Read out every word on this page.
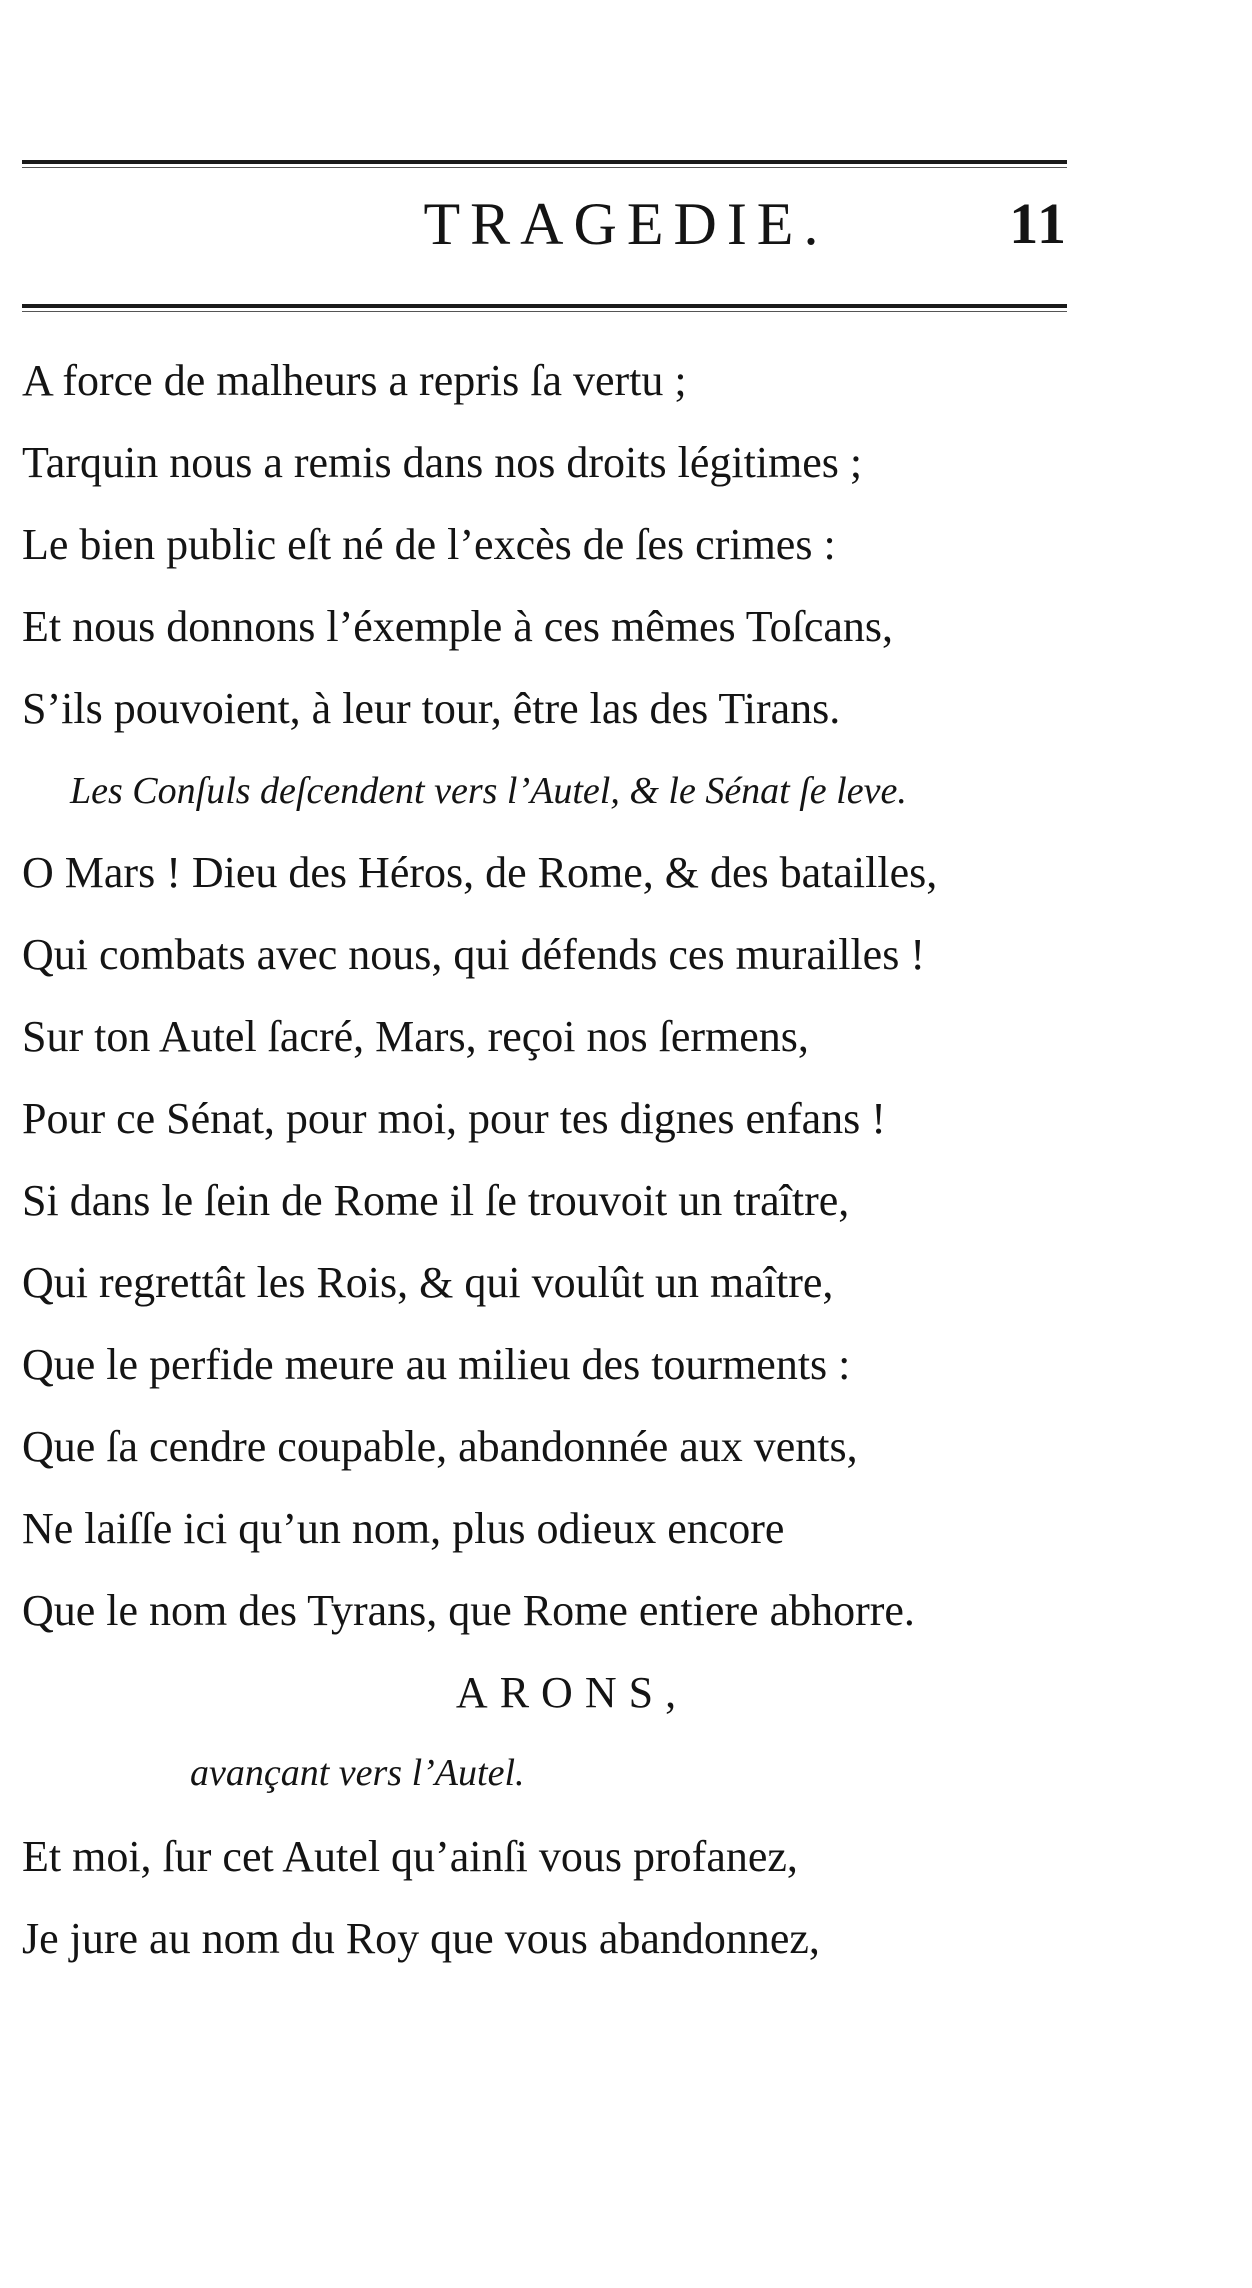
TRAGEDIE.	11
A force de malheurs a repris ſa vertu ;
Tarquin nous a remis dans nos droits légitimes ;
Le bien public eſt né de l’excès de ſes crimes :
Et nous donnons l’éxemple à ces mêmes Toſcans,
S’ils pouvoient, à leur tour, être las des Tirans.
Les Conſuls deſcendent vers l’Autel, & le Sénat ſe leve.
O Mars ! Dieu des Héros, de Rome, & des batailles,
Qui combats avec nous, qui défends ces murailles !
Sur ton Autel ſacré, Mars, reçoi nos ſermens,
Pour ce Sénat, pour moi, pour tes dignes enfans !
Si dans le ſein de Rome il ſe trouvoit un traître,
Qui regrettât les Rois, & qui voulût un maître,
Que le perfide meure au milieu des tourments :
Que ſa cendre coupable, abandonnée aux vents,
Ne laiſſe ici qu’un nom, plus odieux encore
Que le nom des Tyrans, que Rome entiere abhorre.
ARONS,
avançant vers l’Autel.
Et moi, ſur cet Autel qu’ainſi vous profanez,
Je jure au nom du Roy que vous abandonnez,
